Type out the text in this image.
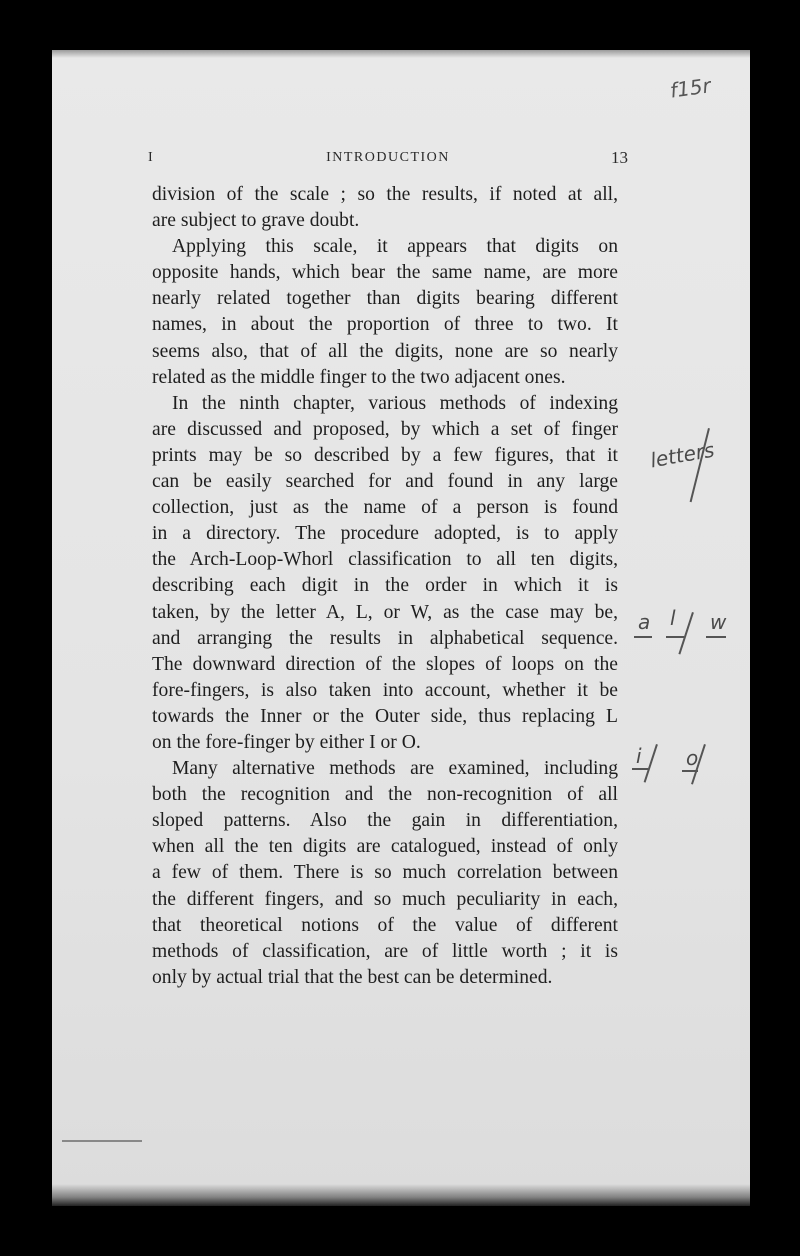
f15r
I	INTRODUCTION	13
division of the scale ; so the results, if noted at all,
are subject to grave doubt.
Applying this scale, it appears that digits on
opposite hands, which bear the same name, are more
nearly related together than digits bearing different
names, in about the proportion of three to two. It
seems also, that of all the digits, none are so nearly
related as the middle finger to the two adjacent ones.
In the ninth chapter, various methods of indexing
are discussed and proposed, by which a set of finger
prints may be so described by a few figures, that it
can be easily searched for and found in any large
collection, just as the name of a person is found
in a directory. The procedure adopted, is to apply
the Arch-Loop-Whorl classification to all ten digits,
describing each digit in the order in which it is
taken, by the letter A, L, or W, as the case may be,
and arranging the results in alphabetical sequence.
The downward direction of the slopes of loops on the
fore-fingers, is also taken into account, whether it be
towards the Inner or the Outer side, thus replacing L
on the fore-finger by either I or O.
Many alternative methods are examined, including
both the recognition and the non-recognition of all
sloped patterns. Also the gain in differentiation,
when all the ten digits are catalogued, instead of only
a few of them. There is so much correlation between
the different fingers, and so much peculiarity in each,
that theoretical notions of the value of different
methods of classification, are of little worth ; it is
only by actual trial that the best can be determined.
letters
a l w
i o
